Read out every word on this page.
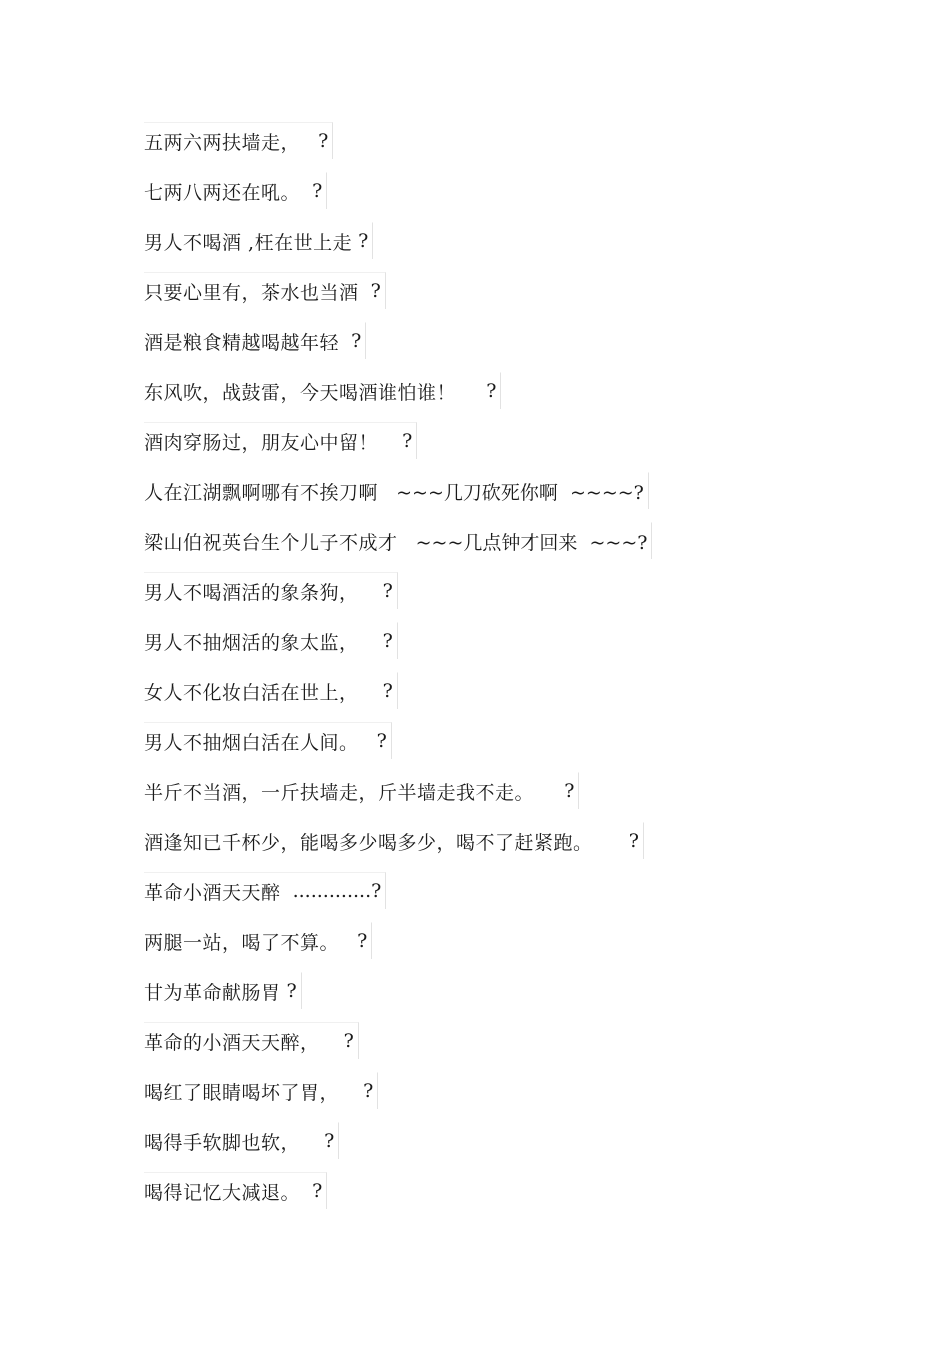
五两六两扶墙走， ?
七两八两还在吼。 ?
男人不喝酒 ,枉在世上走 ?
只要心里有，茶水也当酒 ?
酒是粮食精越喝越年轻 ?
东风吹，战鼓雷，今天喝酒谁怕谁！ ?
酒肉穿肠过，朋友心中留！ ?
人在江湖飘啊哪有不挨刀啊 ~~~几刀砍死你啊  ~~~~?
梁山伯祝英台生个儿子不成才 ~~~几点钟才回来  ~~~?
男人不喝酒活的象条狗， ?
男人不抽烟活的象太监， ?
女人不化妆白活在世上， ?
男人不抽烟白活在人间。 ?
半斤不当酒，一斤扶墙走，斤半墙走我不走。 ?
酒逢知已千杯少，能喝多少喝多少，喝不了赶紧跑。 ?
革命小酒天天醉 .............?
两腿一站，喝了不算。 ?
甘为革命献肠胃 ?
革命的小酒天天醉， ?
喝红了眼睛喝坏了胃， ?
喝得手软脚也软， ?
喝得记忆大减退。 ?
